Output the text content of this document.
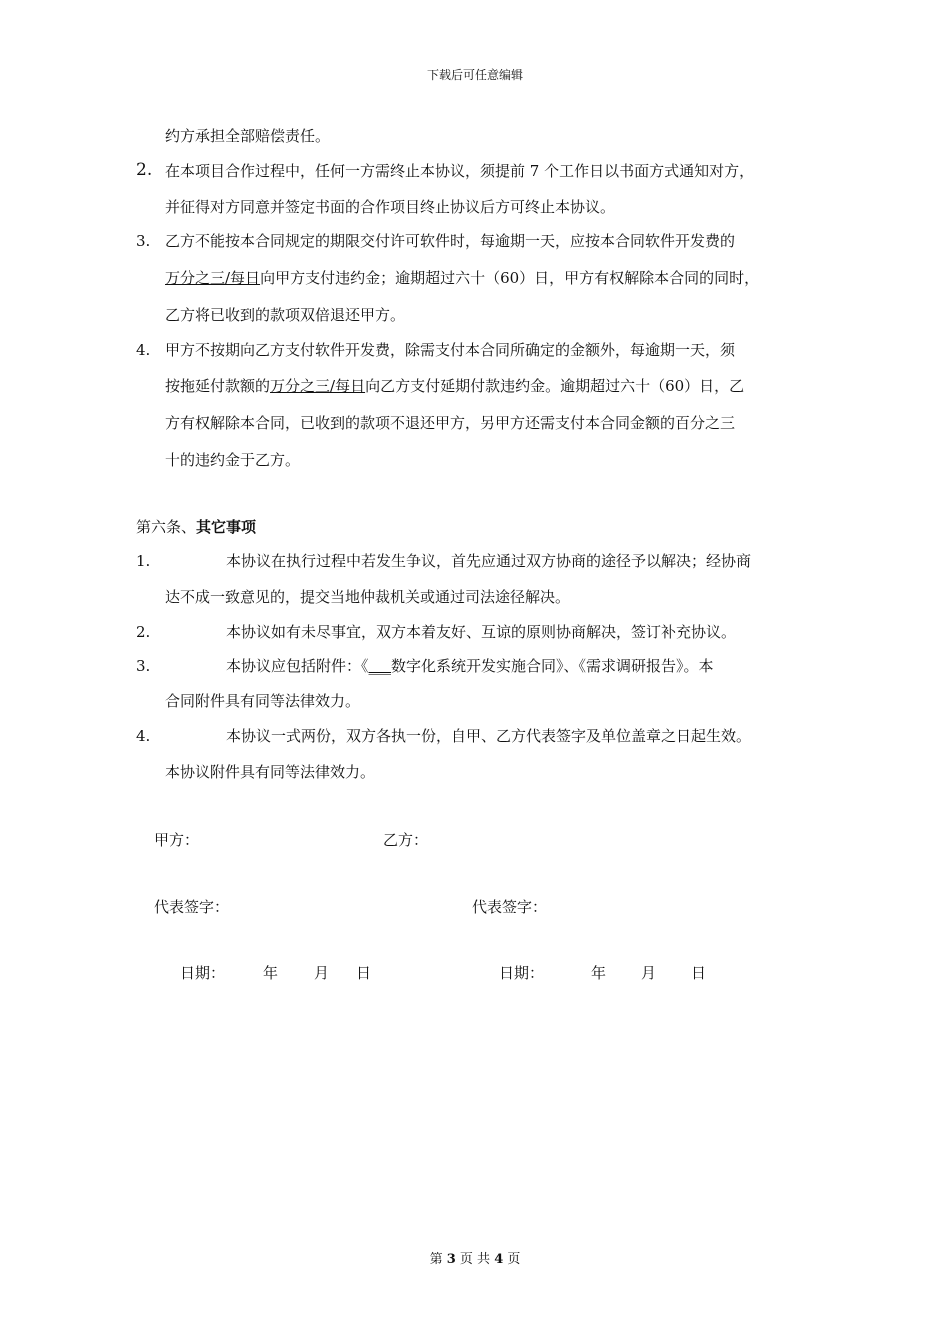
下载后可任意编辑
约方承担全部赔偿责任。
2. 在本项目合作过程中，任何一方需终止本协议，须提前 7 个工作日以书面方式通知对方，
并征得对方同意并签定书面的合作项目终止协议后方可终止本协议。
3. 乙方不能按本合同规定的期限交付许可软件时，每逾期一天，应按本合同软件开发费的
万分之三/每日向甲方支付违约金；逾期超过六十（60）日，甲方有权解除本合同的同时，
乙方将已收到的款项双倍退还甲方。
4. 甲方不按期向乙方支付软件开发费，除需支付本合同所确定的金额外，每逾期一天，须
按拖延付款额的万分之三/每日向乙方支付延期付款违约金。逾期超过六十（60）日，乙
方有权解除本合同，已收到的款项不退还甲方，另甲方还需支付本合同金额的百分之三
十的违约金于乙方。
第六条、其它事项
1.	本协议在执行过程中若发生争议，首先应通过双方协商的途径予以解决；经协商
达不成一致意见的，提交当地仲裁机关或通过司法途径解决。
2.	本协议如有未尽事宜，双方本着友好、互谅的原则协商解决，签订补充协议。
3.	本协议应包括附件：《___数字化系统开发实施合同》、《需求调研报告》。本
合同附件具有同等法律效力。
4.	本协议一式两份，双方各执一份，自甲、乙方代表签字及单位盖章之日起生效。
本协议附件具有同等法律效力。
甲方：	乙方：
代表签字：	代表签字：
日期：	年 月 日	日期：	年 月 日
第 3 页 共 4 页
